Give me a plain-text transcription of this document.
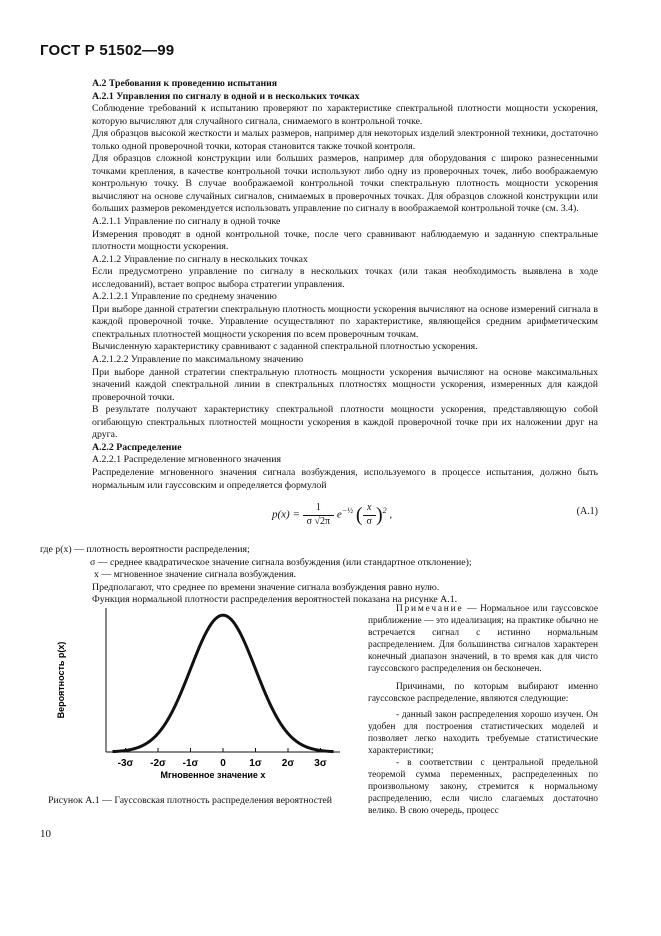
ГОСТ Р 51502—99

А.2 Требования к проведению испытания

А.2.1 Управления по сигналу в одной и в нескольких точках

Соблюдение требований к испытанию проверяют по характеристике спектральной плотности мощности ускорения, которую вычисляют для случайного сигнала, снимаемого в контрольной точке.

Для образцов высокой жесткости и малых размеров, например для некоторых изделий электронной техники, достаточно только одной проверочной точки, которая становится также точкой контроля.

Для образцов сложной конструкции или больших размеров, например для оборудования с широко разнесенными точками крепления, в качестве контрольной точки используют либо одну из проверочных точек, либо воображаемую контрольную точку. В случае воображаемой контрольной точки спектральную плотность мощности ускорения вычисляют на основе случайных сигналов, снимаемых в проверочных точках. Для образцов сложной конструкции или больших размеров рекомендуется использовать управление по сигналу в воображаемой контрольной точке (см. 3.4).

А.2.1.1 Управление по сигналу в одной точке

Измерения проводят в одной контрольной точке, после чего сравнивают наблюдаемую и заданную спектральные плотности мощности ускорения.

А.2.1.2 Управление по сигналу в нескольких точках

Если предусмотрено управление по сигналу в нескольких точках (или такая необходимость выявлена в ходе исследований), встает вопрос выбора стратегии управления.

А.2.1.2.1 Управление по среднему значению

При выборе данной стратегии спектральную плотность мощности ускорения вычисляют на основе измерений сигнала в каждой проверочной точке. Управление осуществляют по характеристике, являющейся средним арифметическим спектральных плотностей мощности ускорения по всем проверочным точкам.

Вычисленную характеристику сравнивают с заданной спектральной плотностью ускорения.

А.2.1.2.2 Управление по максимальному значению

При выборе данной стратегии спектральную плотность мощности ускорения вычисляют на основе максимальных значений каждой спектральной линии в спектральных плотностях мощности ускорения, измеренных для каждой проверочной точки.

В результате получают характеристику спектральной плотности мощности ускорения, представляющую собой огибающую спектральных плотностей мощности ускорения в каждой проверочной точке при их наложении друг на друга.

А.2.2 Распределение

А.2.2.1 Распределение мгновенного значения

Распределение мгновенного значения сигнала возбуждения, используемого в процессе испытания, должно быть нормальным или гауссовским и определяется формулой

$p(x) = \frac{1}{\sigma √2\pi} e^{-\frac{1}{2}}$ ( $\frac{x}{\sigma} )^2$ ,	(А.1)

где p(x) — плотность вероятности распределения;

σ — среднее квадратическое значение сигнала возбуждения (или стандартное отклонение);

x — мгновенное значение сигнала возбуждения.

Предполагают, что среднее по времени значение сигнала возбуждения равно нулю.

Функция нормальной плотности распределения вероятностей показана на рисунке А.1.

-3σ -2σ -1σ 0 1σ 2σ 3σ
Мгновенное значение x
Вероятность p(x)
Рисунок А.1 — Гауссовская плотность распределения вероятностей

Примечание — Нормальное или гауссовское приближение — это идеализация; на практике обычно не встречается сигнал с истинно нормальным распределением. Для большинства сигналов характерен конечный диапазон значений, в то время как для чисто гауссовского распределения он бесконечен.

Причинами, по которым выбирают именно гауссовское распределение, являются следующие:

- данный закон распределения хорошо изучен. Он удобен для построения статистических моделей и позволяет легко находить требуемые статистические характеристики;

- в соответствии с центральной предельной теоремой сумма переменных, распределенных по произвольному закону, стремится к нормальному распределению, если число слагаемых достаточно велико. В свою очередь, процесс

10
